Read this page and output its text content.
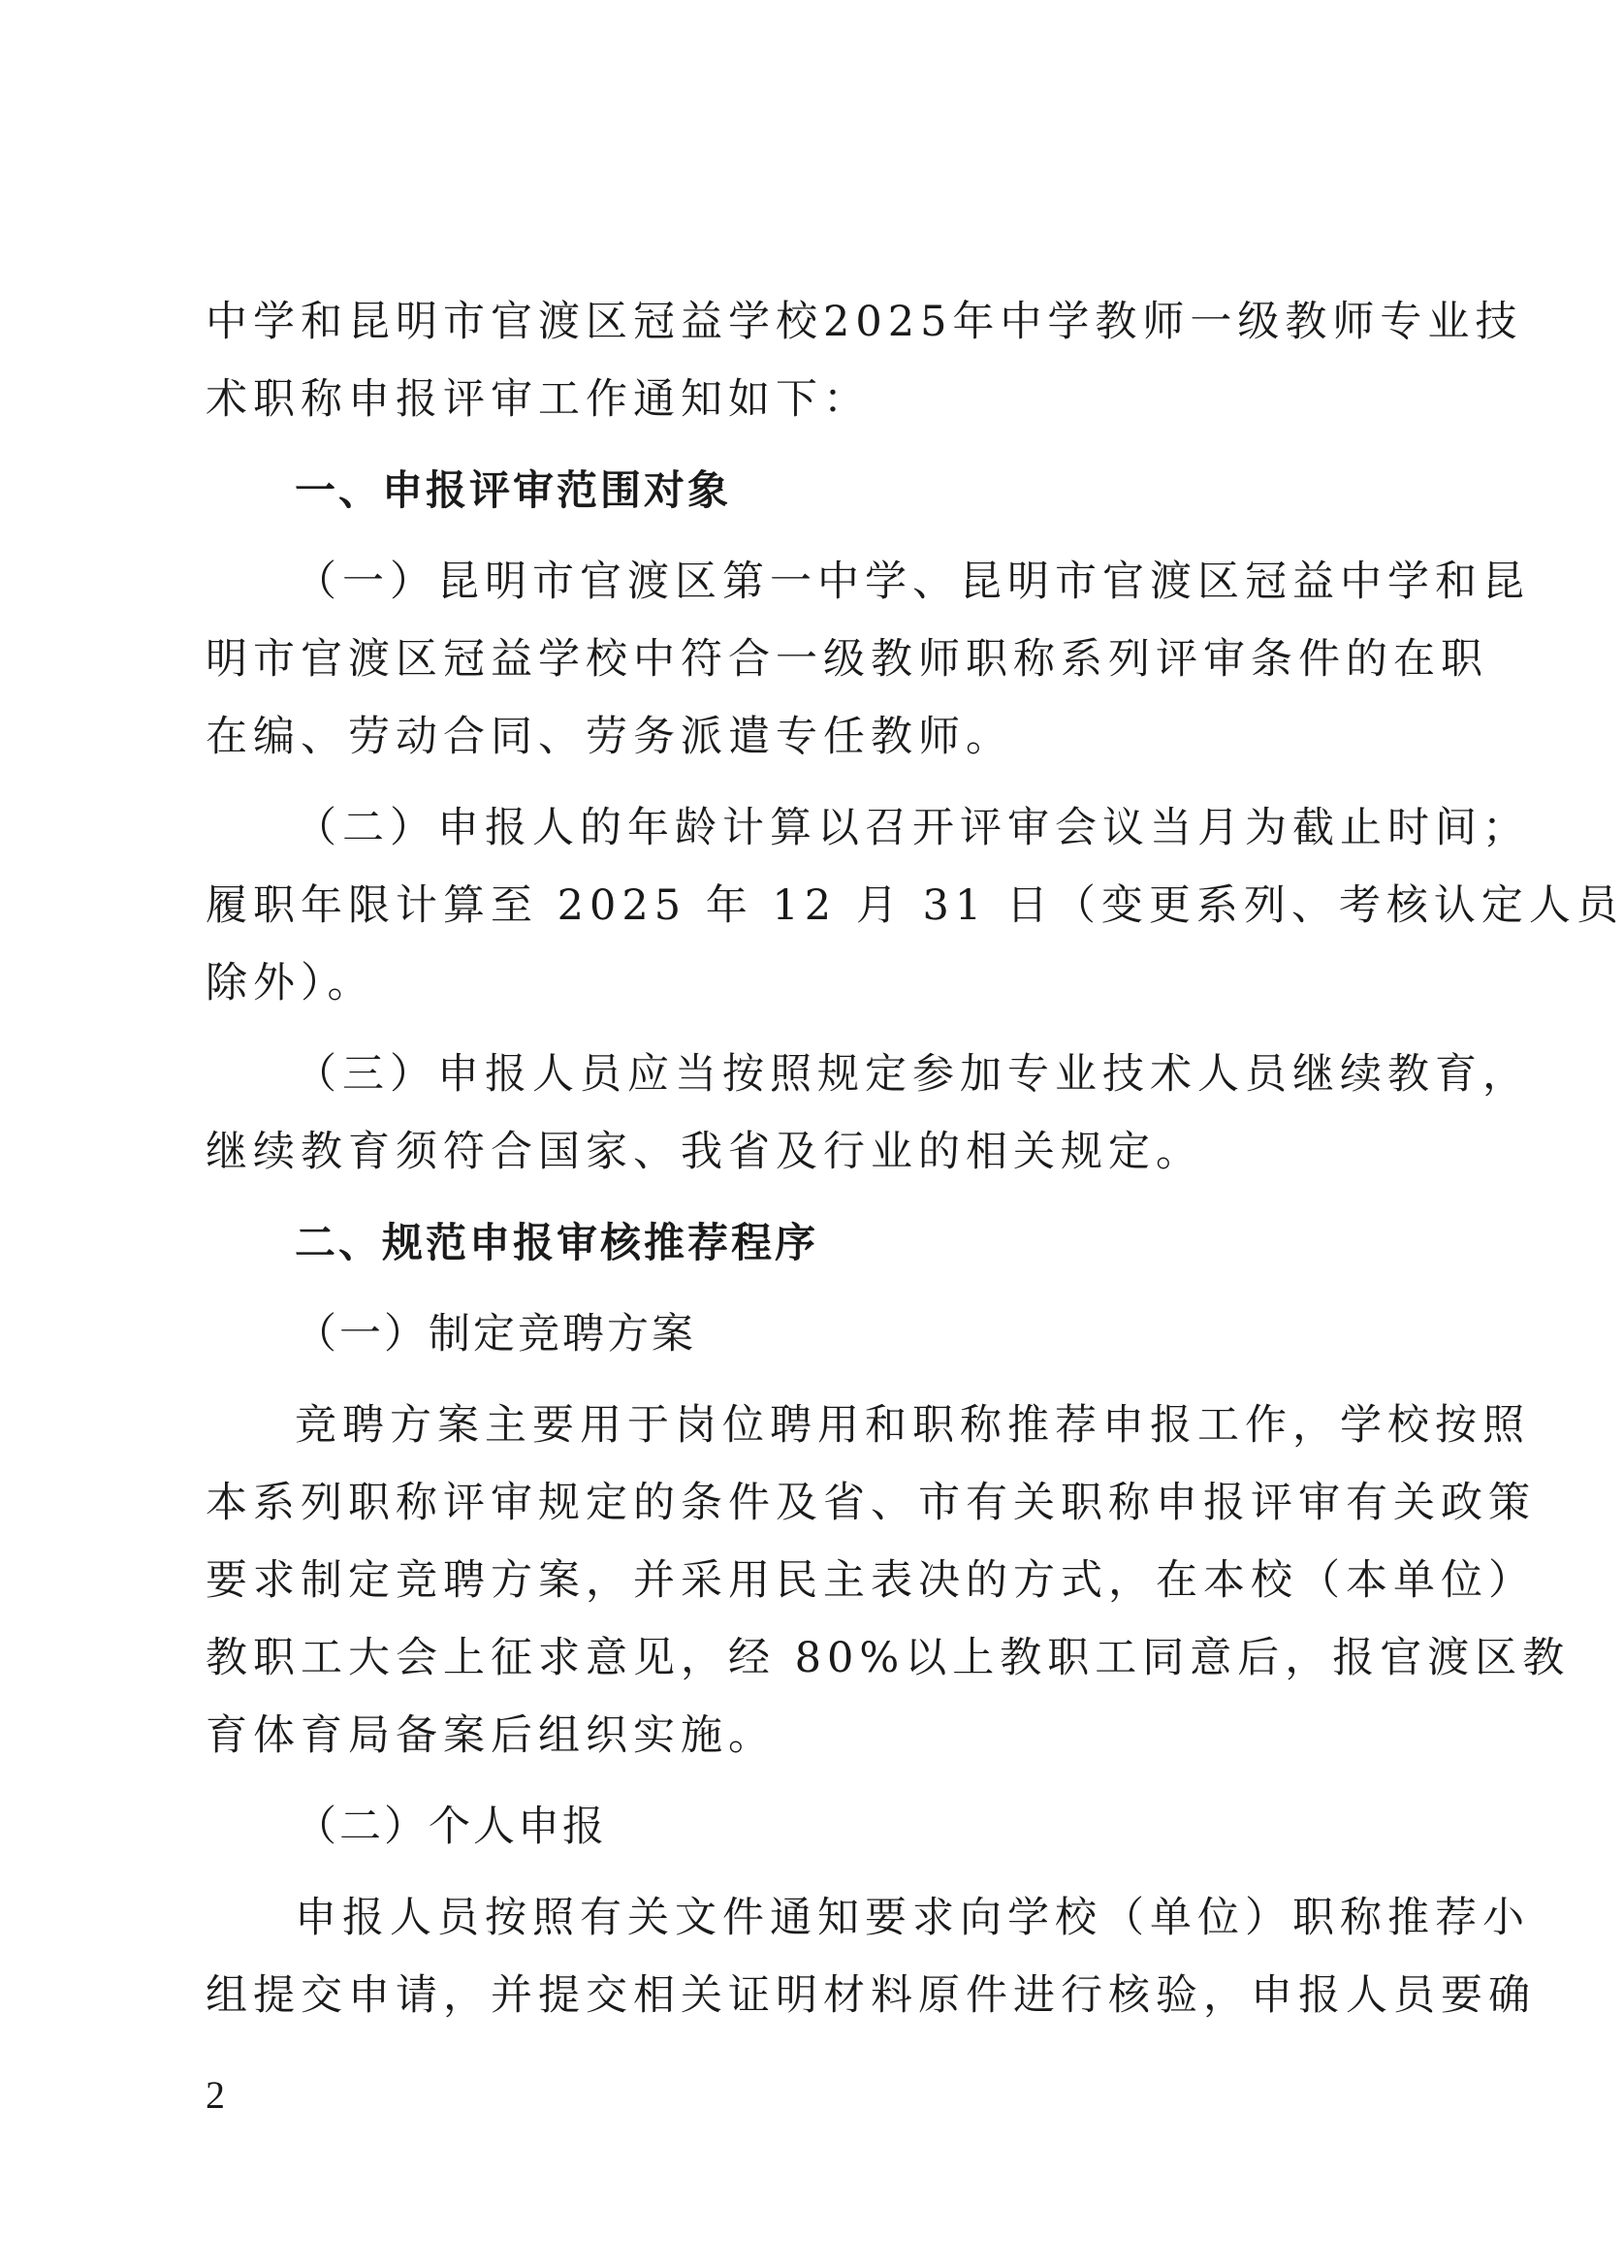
中学和昆明市官渡区冠益学校2025年中学教师一级教师专业技
术职称申报评审工作通知如下：
一、申报评审范围对象
（一）昆明市官渡区第一中学、昆明市官渡区冠益中学和昆
明市官渡区冠益学校中符合一级教师职称系列评审条件的在职
在编、劳动合同、劳务派遣专任教师。
（二）申报人的年龄计算以召开评审会议当月为截止时间；
履职年限计算至 2025 年 12 月 31 日（变更系列、考核认定人员
除外）。
（三）申报人员应当按照规定参加专业技术人员继续教育，
继续教育须符合国家、我省及行业的相关规定。
二、规范申报审核推荐程序
（一）制定竞聘方案
竞聘方案主要用于岗位聘用和职称推荐申报工作，学校按照
本系列职称评审规定的条件及省、市有关职称申报评审有关政策
要求制定竞聘方案，并采用民主表决的方式，在本校（本单位）
教职工大会上征求意见，经 80%以上教职工同意后，报官渡区教
育体育局备案后组织实施。
（二）个人申报
申报人员按照有关文件通知要求向学校（单位）职称推荐小
组提交申请，并提交相关证明材料原件进行核验，申报人员要确
2
